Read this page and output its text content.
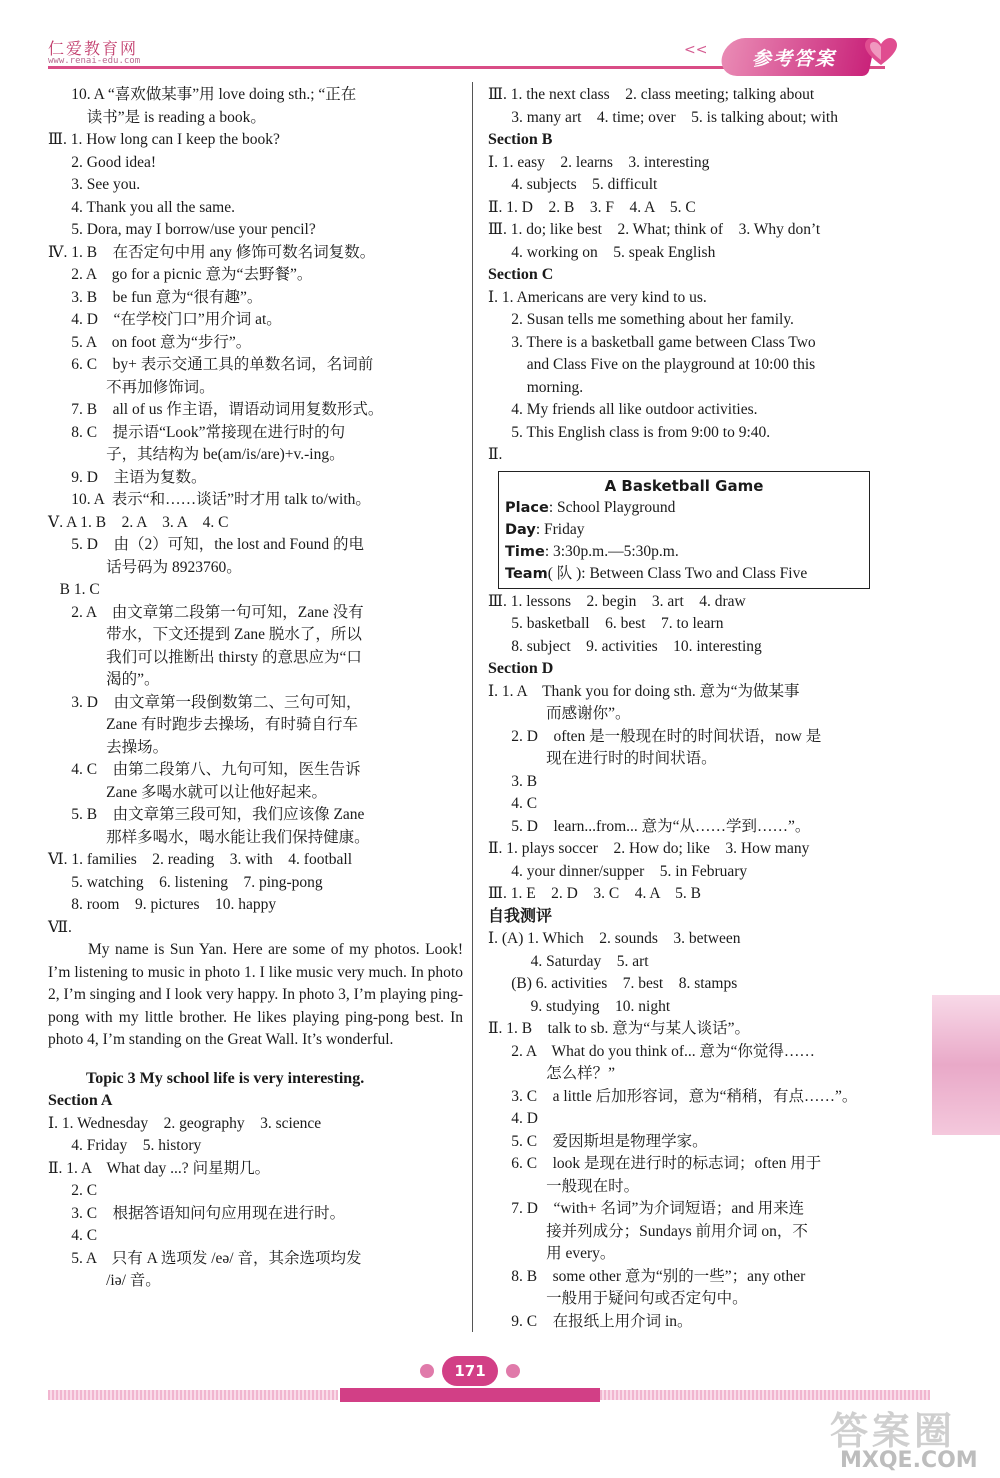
仁爱教育网
www.renai-edu.com
<< 参考答案
10. A “喜欢做某事”用 love doing sth.; “正在
读书”是 is reading a book。
Ⅲ. 1. How long can I keep the book?
2. Good idea!
3. See you.
4. Thank you all the same.
5. Dora, may I borrow/use your pencil?
Ⅳ. 1. B    在否定句中用 any 修饰可数名词复数。
2. A    go for a picnic 意为“去野餐”。
3. B    be fun 意为“很有趣”。
4. D    “在学校门口”用介词 at。
5. A    on foot 意为“步行”。
6. C    by+ 表示交通工具的单数名词，名词前
不再加修饰词。
7. B    all of us 作主语，谓语动词用复数形式。
8. C    提示语“Look”常接现在进行时的句
子，其结构为 be(am/is/are)+v.-ing。
9. D    主语为复数。
10. A  表示“和……谈话”时才用 talk to/with。
Ⅴ. A 1. B    2. A    3. A    4. C
5. D    由（2）可知，the lost and Found 的电
话号码为 8923760。
B 1. C
2. A    由文章第二段第一句可知，Zane 没有
带水，下文还提到 Zane 脱水了，所以
我们可以推断出 thirsty 的意思应为“口
渴的”。
3. D    由文章第一段倒数第二、三句可知，
Zane 有时跑步去操场，有时骑自行车
去操场。
4. C    由第二段第八、九句可知，医生告诉
Zane 多喝水就可以让他好起来。
5. B    由文章第三段可知，我们应该像 Zane
那样多喝水，喝水能让我们保持健康。
Ⅵ. 1. families    2. reading    3. with    4. football
5. watching    6. listening    7. ping-pong
8. room    9. pictures    10. happy
Ⅶ.
My name is Sun Yan. Here are some of my photos. Look! I’m listening to music in photo 1. I like music very much. In photo 2, I’m singing and I look very happy. In photo 3, I’m playing ping-pong with my little brother. He likes playing ping-pong best. In photo 4, I’m standing on the Great Wall. It’s wonderful.
Topic 3 My school life is very interesting.
Section A
Ⅰ. 1. Wednesday    2. geography    3. science
4. Friday    5. history
Ⅱ. 1. A    What day ...? 问星期几。
2. C
3. C    根据答语知问句应用现在进行时。
4. C
5. A    只有 A 选项发 /eə/ 音，其余选项均发
/iə/ 音。
Ⅲ. 1. the next class    2. class meeting; talking about
3. many art    4. time; over    5. is talking about; with
Section B
Ⅰ. 1. easy    2. learns    3. interesting
4. subjects    5. difficult
Ⅱ. 1. D    2. B    3. F    4. A    5. C
Ⅲ. 1. do; like best    2. What; think of    3. Why don’t
4. working on    5. speak English
Section C
Ⅰ. 1. Americans are very kind to us.
2. Susan tells me something about her family.
3. There is a basketball game between Class Two
and Class Five on the playground at 10:00 this
morning.
4. My friends all like outdoor activities.
5. This English class is from 9:00 to 9:40.
Ⅱ.
A Basketball Game
Place: School Playground
Day: Friday
Time: 3:30p.m.—5:30p.m.
Team( 队 ): Between Class Two and Class Five
Ⅲ. 1. lessons    2. begin    3. art    4. draw
5. basketball    6. best    7. to learn
8. subject    9. activities    10. interesting
Section D
Ⅰ. 1. A    Thank you for doing sth. 意为“为做某事
而感谢你”。
2. D    often 是一般现在时的时间状语，now 是
现在进行时的时间状语。
3. B
4. C
5. D    learn...from... 意为“从……学到……”。
Ⅱ. 1. plays soccer    2. How do; like    3. How many
4. your dinner/supper    5. in February
Ⅲ. 1. E    2. D    3. C    4. A    5. B
自我测评
Ⅰ. (A) 1. Which    2. sounds    3. between
4. Saturday    5. art
(B) 6. activities    7. best    8. stamps
9. studying    10. night
Ⅱ. 1. B    talk to sb. 意为“与某人谈话”。
2. A    What do you think of... 意为“你觉得……
怎么样？”
3. C    a little 后加形容词，意为“稍稍，有点……”。
4. D
5. C    爱因斯坦是物理学家。
6. C    look 是现在进行时的标志词；often 用于
一般现在时。
7. D    “with+ 名词”为介词短语；and 用来连
接并列成分；Sundays 前用介词 on，不
用 every。
8. B    some other 意为“别的一些”；any other
一般用于疑问句或否定句中。
9. C    在报纸上用介词 in。
171
答案圈
MXQE.COM
